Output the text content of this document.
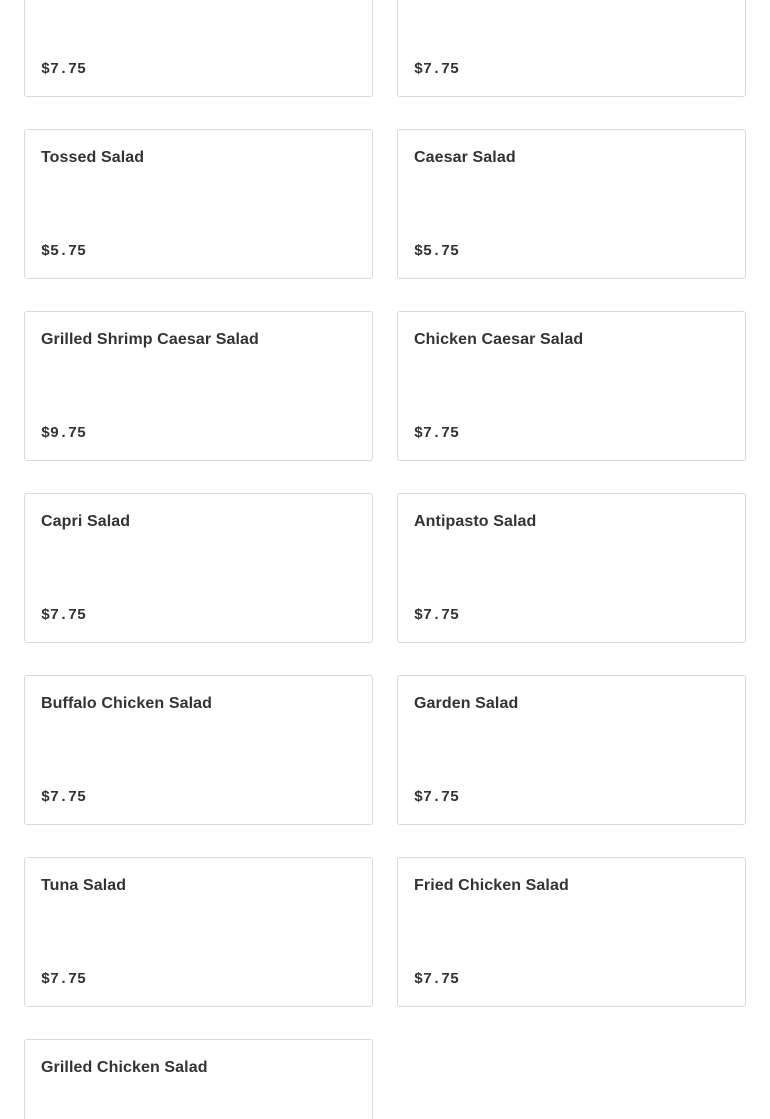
$7.75	$7.75
Tossed Salad
$5.75
Caesar Salad
$5.75
Grilled Shrimp Caesar Salad
$9.75
Chicken Caesar Salad
$7.75
Capri Salad
$7.75
Antipasto Salad
$7.75
Buffalo Chicken Salad
$7.75
Garden Salad
$7.75
Tuna Salad
$7.75
Fried Chicken Salad
$7.75
Grilled Chicken Salad
